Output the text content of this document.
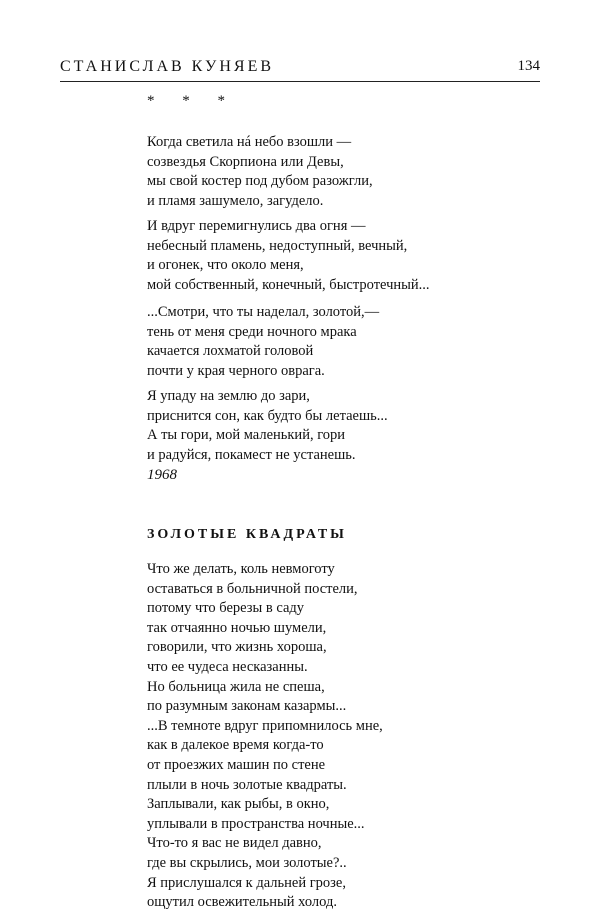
СТАНИСЛАВ КУНЯЕВ	134
* * *
Когда светила нá небо взошли —
созвездья Скорпиона или Девы,
мы свой костер под дубом разожгли,
и пламя зашумело, загудело.
И вдруг перемигнулись два огня —
небесный пламень, недоступный, вечный,
и огонек, что около меня,
мой собственный, конечный, быстротечный...
...Смотри, что ты наделал, золотой,—
тень от меня среди ночного мрака
качается лохматой головой
почти у края черного оврага.
Я упаду на землю до зари,
приснится сон, как будто бы летаешь...
А ты гори, мой маленький, гори
и радуйся, покамест не устанешь.
1968
ЗОЛОТЫЕ КВАДРАТЫ
Что же делать, коль невмоготу
оставаться в больничной постели,
потому что березы в саду
так отчаянно ночью шумели,
говорили, что жизнь хороша,
что ее чудеса несказанны.
Но больница жила не спеша,
по разумным законам казармы...
...В темноте вдруг припомнилось мне,
как в далекое время когда-то
от проезжих машин по стене
плыли в ночь золотые квадраты.
Заплывали, как рыбы, в окно,
уплывали в пространства ночные...
Что-то я вас не видел давно,
где вы скрылись, мои золотые?..
Я прислушался к дальней грозе,
ощутил освежительный холод.
